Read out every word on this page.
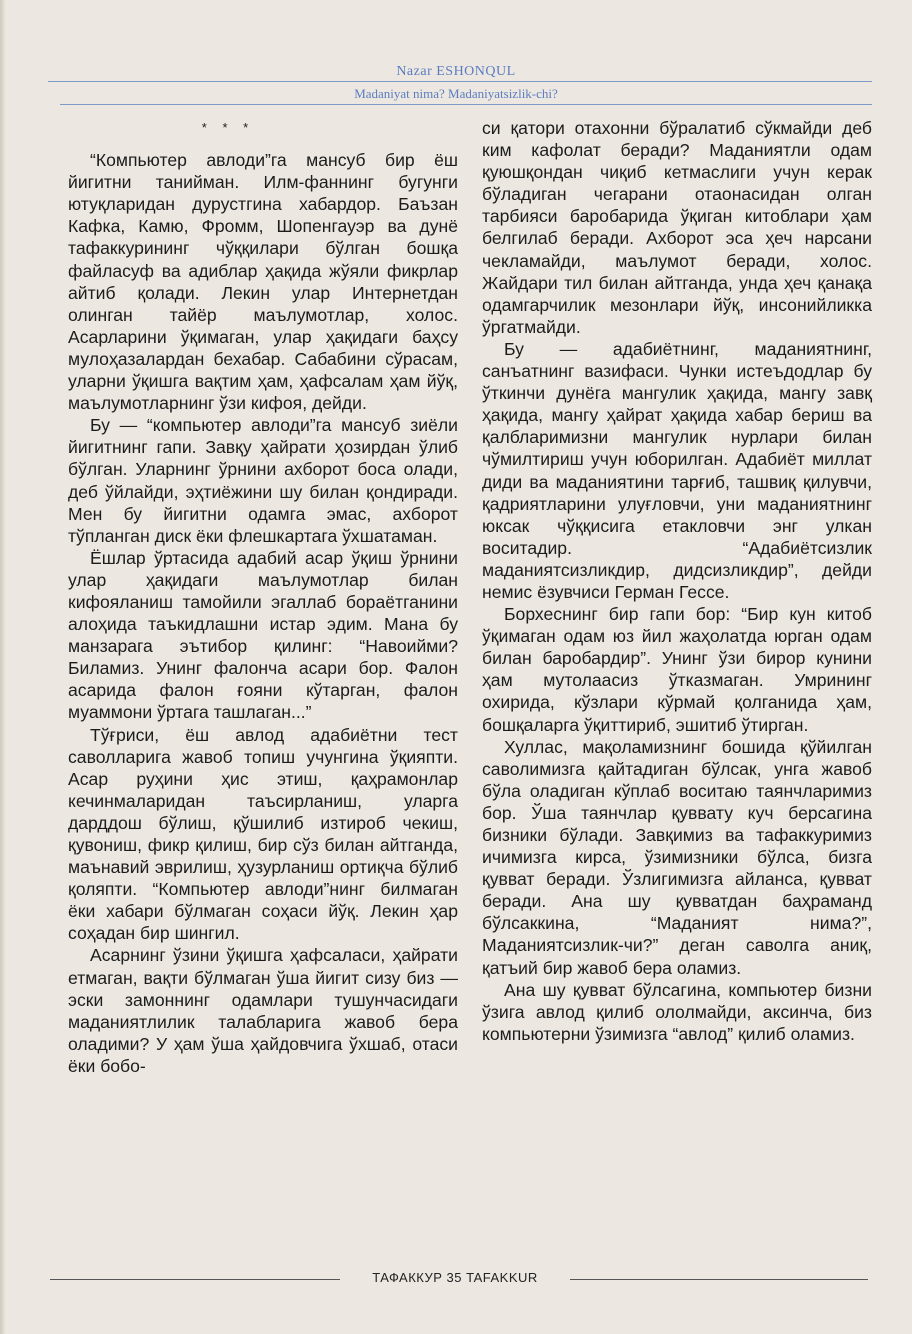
Nazar ESHONQUL
Madaniyat nima? Madaniyatsizlik-chi?
* * *

“Компьютер авлоди”га мансуб бир ёш йигитни танийман. Илм-фаннинг бугунги ютуқларидан дурустгина хабардор. Баъзан Кафка, Камю, Фромм, Шопенгауэр ва дунё тафаккурининг чўққилари бўлган бошқа файласуф ва адиблар ҳақида жўяли фикрлар айтиб қолади. Лекин улар Интернетдан олинган тайёр маълумотлар, холос. Асарларини ўқимаган, улар ҳақидаги баҳсу мулоҳазалардан бехабар. Сабабини сўрасам, уларни ўқишга вақтим ҳам, ҳафсалам ҳам йўқ, маълумотларнинг ўзи кифоя, дейди.

Бу — “компьютер авлоди”га мансуб зиёли йигитнинг гапи. Завқу ҳайрати ҳозирдан ўлиб бўлган. Уларнинг ўрнини ахборот боса олади, деб ўйлайди, эҳтиёжини шу билан қондиради. Мен бу йигитни одамга эмас, ахборот тўпланган диск ёки флешкартага ўхшатаман.

Ёшлар ўртасида адабий асар ўқиш ўрнини улар ҳақидаги маълумотлар билан кифояланиш тамойили эгаллаб бораётганини алоҳида таъкидлашни истар эдим. Мана бу манзарага эътибор қилинг: “Навоийми? Биламиз. Унинг фалонча асари бор. Фалон асарида фалон ғояни кўтарган, фалон муаммони ўртага ташлаган...”

Тўғриси, ёш авлод адабиётни тест саволларига жавоб топиш учунгина ўқияпти. Асар руҳини ҳис этиш, қаҳрамонлар кечинмаларидан таъсирланиш, уларга дарддош бўлиш, қўшилиб изтироб чекиш, қувониш, фикр қилиш, бир сўз билан айтганда, маънавий эврилиш, ҳузурланиш ортиқча бўлиб қоляпти. “Компьютер авлоди”нинг билмаган ёки хабари бўлмаган соҳаси йўқ. Лекин ҳар соҳадан бир шингил.

Асарнинг ўзини ўқишга ҳафсаласи, ҳайрати етмаган, вақти бўлмаган ўша йигит сизу биз — эски замоннинг одамлари тушунчасидаги маданиятлилик талабларига жавоб бера оладими? У ҳам ўша ҳайдовчига ўхшаб, отаси ёки бобо-

си қатори отахонни бўралатиб сўкмайди деб ким кафолат беради? Маданиятли одам қуюшқондан чиқиб кетмаслиги учун керак бўладиган чегарани отаонасидан олган тарбияси баробарида ўқиган китоблари ҳам белгилаб беради. Ахборот эса ҳеч нарсани чекламайди, маълумот беради, холос. Жайдари тил билан айтганда, унда ҳеч қанақа одамгарчилик мезонлари йўқ, инсонийликка ўргатмайди.

Бу — адабиётнинг, маданиятнинг, санъатнинг вазифаси. Чунки истеъдодлар бу ўткинчи дунёга мангулик ҳақида, мангу завқ ҳақида, мангу ҳайрат ҳақида хабар бериш ва қалбларимизни мангулик нурлари билан чўмилтириш учун юборилган. Адабиёт миллат диди ва маданиятини тарғиб, ташвиқ қилувчи, қадриятларини улуғловчи, уни маданиятнинг юксак чўққисига етакловчи энг улкан воситадир. “Адабиётсизлик маданиятсизликдир, дидсизликдир”, дейди немис ёзувчиси Герман Гессе.

Борхеснинг бир гапи бор: “Бир кун китоб ўқимаган одам юз йил жаҳолатда юрган одам билан баробардир”. Унинг ўзи бирор кунини ҳам мутолаасиз ўтказмаган. Умрининг охирида, кўзлари кўрмай қолганида ҳам, бошқаларга ўқиттириб, эшитиб ўтирган.

Хуллас, мақоламизнинг бошида қўйилган саволимизга қайтадиган бўлсак, унга жавоб бўла оладиган кўплаб воситаю таянчларимиз бор. Ўша таянчлар қуввату куч берсагина бизники бўлади. Завқимиз ва тафаккуримиз ичимизга кирса, ўзимизники бўлса, бизга қувват беради. Ўзлигимизга айланса, қувват беради. Ана шу қувватдан баҳраманд бўлсаккина, “Маданият нима?”, Маданиятсизлик-чи?” деган саволга аниқ, қатъий бир жавоб бера оламиз.

Ана шу қувват бўлсагина, компьютер бизни ўзига авлод қилиб ололмайди, аксинча, биз компьютерни ўзимизга “авлод” қилиб оламиз.

ТАФАККУР 35 TAFAKKUR
